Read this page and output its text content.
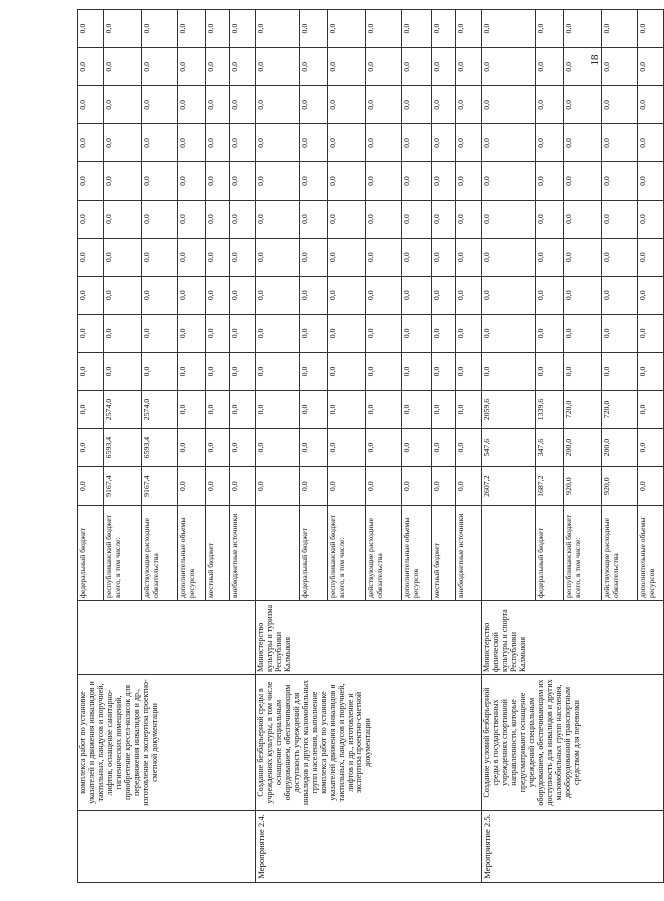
	комплекса работ по установке указателей и движения инвалидов и тактильных, пандусов и поручней, лифтов, оснащение санитарно-гигиенических помещений, приобретение кресел-колясок для передвижения инвалидов и др., изготовление и экспертиза проектно-сметной документации		федеральный бюджет	0,0	0,0	0,0	0,0	0,0	0,0	0,0	0,0	0,0	0,0	0,0	0,0	0,0
			республиканский бюджет всего, в том числе:	9167,4	6593,4	2574,0	0,0	0,0	0,0	0,0	0,0	0,0	0,0	0,0	0,0	0,0
			действующие расходные обязательства	9167,4	6593,4	2574,0	0,0	0,0	0,0	0,0	0,0	0,0	0,0	0,0	0,0	0,0
			дополнительные объемы ресурсов	0,0	0,0	0,0	0,0	0,0	0,0	0,0	0,0	0,0	0,0	0,0	0,0	0,0
			местный бюджет	0,0	0,0	0,0	0,0	0,0	0,0	0,0	0,0	0,0	0,0	0,0	0,0	0,0
			внебюджетные источники	0,0	0,0	0,0	0,0	0,0	0,0	0,0	0,0	0,0	0,0	0,0	0,0	0,0
Мероприятие 2.4.	Создание безбарьерной среды в учреждениях культуры, в том числе оснащение специальным оборудованием, обеспечивающим доступность учреждений для инвалидов и других маломобильных групп населения, выполнение комплекса работ по установке указателей движения инвалидов и тактильных, пандусов и поручней, лифтов и др., изготовление и экспертиза проектно-сметной документации	Министерство культуры и туризма Республики Калмыкия		0,0	0,0	0,0	0,0	0,0	0,0	0,0	0,0	0,0	0,0	0,0	0,0	0,0
			федеральный бюджет	0,0	0,0	0,0	0,0	0,0	0,0	0,0	0,0	0,0	0,0	0,0	0,0	0,0
			республиканский бюджет всего, в том числе:	0,0	0,0	0,0	0,0	0,0	0,0	0,0	0,0	0,0	0,0	0,0	0,0	0,0
			действующие расходные обязательства	0,0	0,0	0,0	0,0	0,0	0,0	0,0	0,0	0,0	0,0	0,0	0,0	0,0
			дополнительные объемы ресурсов	0,0	0,0	0,0	0,0	0,0	0,0	0,0	0,0	0,0	0,0	0,0	0,0	0,0
			местный бюджет	0,0	0,0	0,0	0,0	0,0	0,0	0,0	0,0	0,0	0,0	0,0	0,0	0,0
			внебюджетные источники	0,0	0,0	0,0	0,0	0,0	0,0	0,0	0,0	0,0	0,0	0,0	0,0	0,0
Мероприятие 2.5.	Создание условий безбарьерной среды в государственных учреждениях спортивной направленности, которые предусматривают оснащение учреждений специальным оборудованием, обеспечивающим их доступность для инвалидов и других маломобильных групп населения, дооборудованной транспортным средством для перевозки	Министерство физической культуры и спорта Республики Калмыкия		2607,2	547,6	2059,6	0,0	0,0	0,0	0,0	0,0	0,0	0,0	0,0	0,0	0,0
			федеральный бюджет	1687,2	347,6	1339,6	0,0	0,0	0,0	0,0	0,0	0,0	0,0	0,0	0,0	0,0
			республиканский бюджет всего, в том числе:	920,0	200,0	720,0	0,0	0,0	0,0	0,0	0,0	0,0	0,0	0,0	0,0	0,0
			действующие расходные обязательства	920,0	200,0	720,0	0,0	0,0	0,0	0,0	0,0	0,0	0,0	0,0	0,0	0,0
			дополнительные объемы ресурсов	0,0	0,0	0,0	0,0	0,0	0,0	0,0	0,0	0,0	0,0	0,0	0,0	0,0
18
